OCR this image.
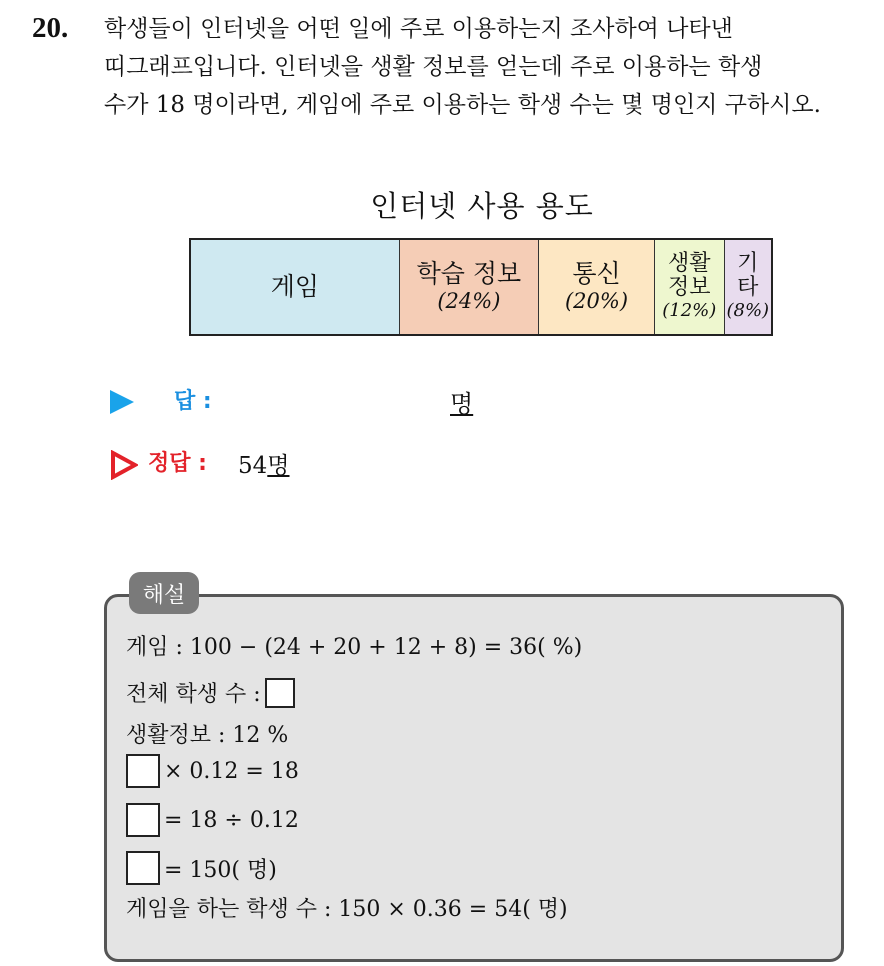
20. 학생들이 인터넷을 어떤 일에 주로 이용하는지 조사하여 나타낸
띠그래프입니다. 인터넷을 생활 정보를 얻는데 주로 이용하는 학생
수가 18 명이라면, 게임에 주로 이용하는 학생 수는 몇 명인지 구하시오.
인터넷 사용 용도
게임	학습 정보
(24%)
통신
(20%)
생활
정보
(12%)
기
타
(8%)
답 :	명
정답 : 54명
해설
게임 : 100 − (24 + 20 + 12 + 8) = 36( %)
전체 학생 수 :
생활정보 : 12 %
× 0.12 = 18
= 18 ÷ 0.12
= 150( 명)
게임을 하는 학생 수 : 150 × 0.36 = 54( 명)
